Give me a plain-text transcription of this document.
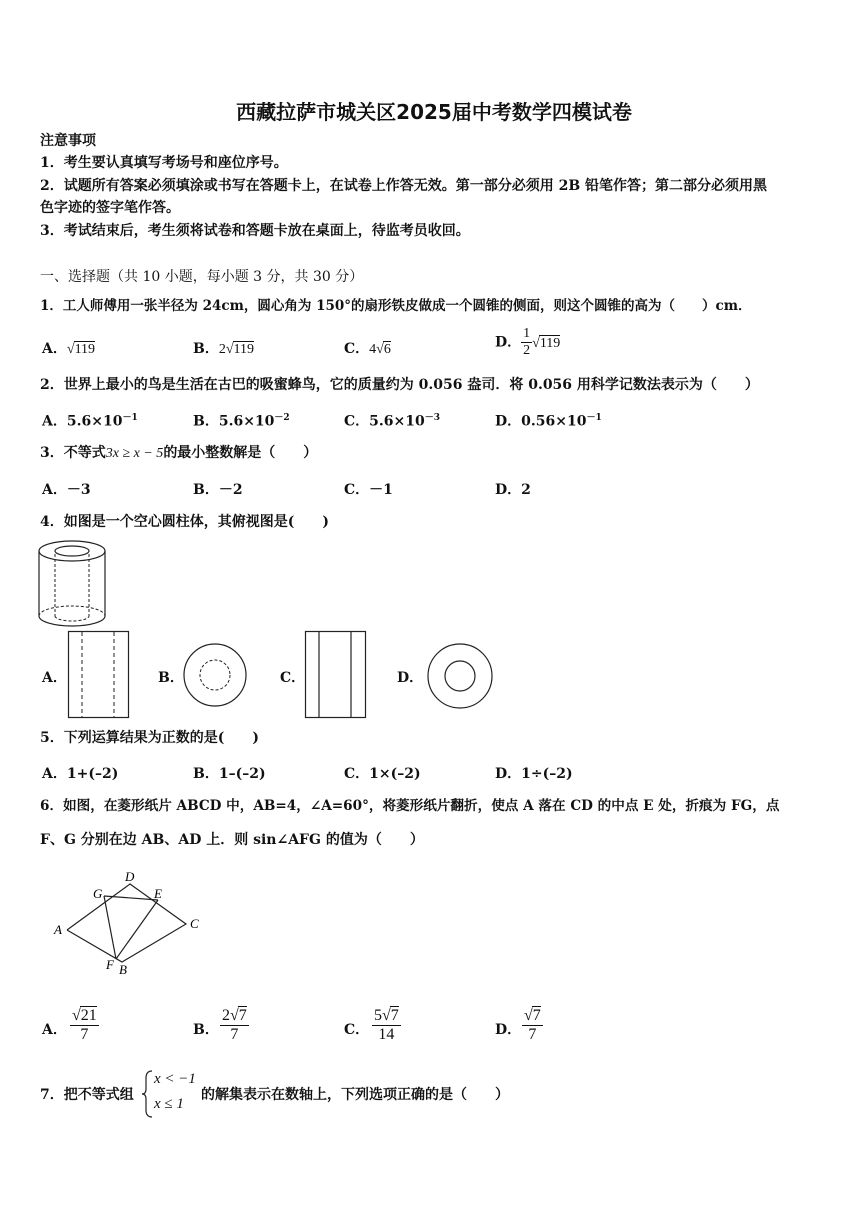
西藏拉萨市城关区2025届中考数学四模试卷
注意事项
1．考生要认真填写考场号和座位序号。
2．试题所有答案必须填涂或书写在答题卡上，在试卷上作答无效。第一部分必须用 2B 铅笔作答；第二部分必须用黑
色字迹的签字笔作答。
3．考试结束后，考生须将试卷和答题卡放在桌面上，待监考员收回。
一、选择题（共 10 小题，每小题 3 分，共 30 分）
1．工人师傅用一张半径为 24cm，圆心角为 150°的扇形铁皮做成一个圆锥的侧面，则这个圆锥的高为（　　）cm．
A．√119	B．2√119	C．4√6	D． $\frac{1}{2} √119$
2．世界上最小的鸟是生活在古巴的吸蜜蜂鸟，它的质量约为 0.056 盎司．将 0.056 用科学记数法表示为（　　）
A．$5.6\times 10^{-1}$	B．$5.6\times 10^{-2}$	C．$5.6\times 10^{-3}$	D．$0.56\times 10^{-1}$
3．不等式3x ≥ x − 5的最小整数解是（　　）
A．－3	B．－2	C．－1	D．2
4．如图是一个空心圆柱体，其俯视图是(　　)
A．	B．	C．	D．
5．下列运算结果为正数的是(　　)
A．1+(–2)	B．1–(–2)	C．1×(–2)	D．1÷(–2)
6．如图，在菱形纸片 ABCD 中，AB=4，∠A=60°，将菱形纸片翻折，使点 A 落在 CD 的中点 E 处，折痕为 FG，点
F、G 分别在边 AB、AD 上．则 sin∠AFG 的值为（　　）
D
G	E
A	C
F B
A． $\frac{√21}{7}$	B． $\frac{2√7}{7}$	C． $\frac{5√7}{14}$	D． $\frac{√7}{7}$
7．把不等式组
x < −1
x ≤ 1
的解集表示在数轴上，下列选项正确的是（　　）
